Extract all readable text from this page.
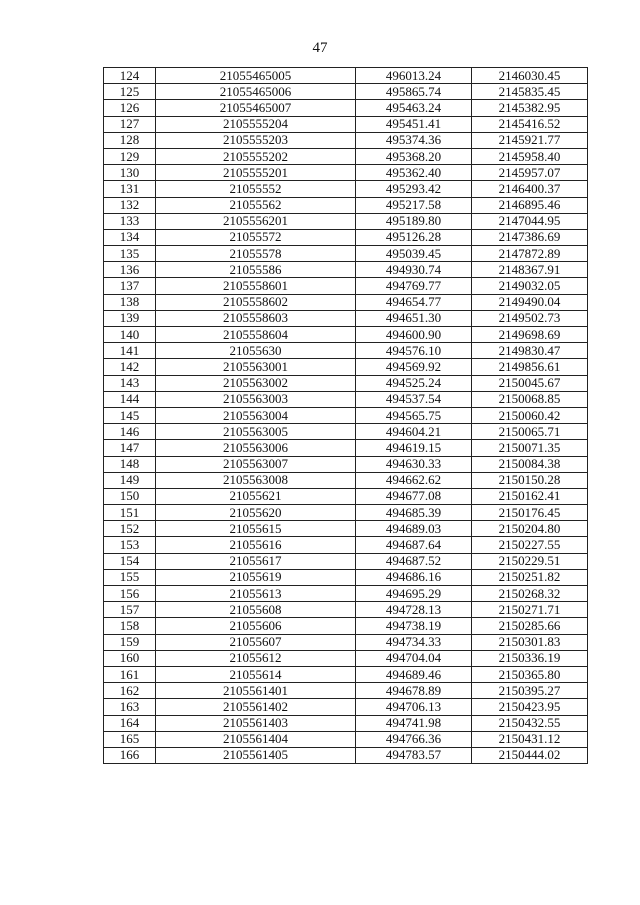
47
124	21055465005	496013.24	2146030.45
125	21055465006	495865.74	2145835.45
126	21055465007	495463.24	2145382.95
127	2105555204	495451.41	2145416.52
128	2105555203	495374.36	2145921.77
129	2105555202	495368.20	2145958.40
130	2105555201	495362.40	2145957.07
131	21055552	495293.42	2146400.37
132	21055562	495217.58	2146895.46
133	2105556201	495189.80	2147044.95
134	21055572	495126.28	2147386.69
135	21055578	495039.45	2147872.89
136	21055586	494930.74	2148367.91
137	2105558601	494769.77	2149032.05
138	2105558602	494654.77	2149490.04
139	2105558603	494651.30	2149502.73
140	2105558604	494600.90	2149698.69
141	21055630	494576.10	2149830.47
142	2105563001	494569.92	2149856.61
143	2105563002	494525.24	2150045.67
144	2105563003	494537.54	2150068.85
145	2105563004	494565.75	2150060.42
146	2105563005	494604.21	2150065.71
147	2105563006	494619.15	2150071.35
148	2105563007	494630.33	2150084.38
149	2105563008	494662.62	2150150.28
150	21055621	494677.08	2150162.41
151	21055620	494685.39	2150176.45
152	21055615	494689.03	2150204.80
153	21055616	494687.64	2150227.55
154	21055617	494687.52	2150229.51
155	21055619	494686.16	2150251.82
156	21055613	494695.29	2150268.32
157	21055608	494728.13	2150271.71
158	21055606	494738.19	2150285.66
159	21055607	494734.33	2150301.83
160	21055612	494704.04	2150336.19
161	21055614	494689.46	2150365.80
162	2105561401	494678.89	2150395.27
163	2105561402	494706.13	2150423.95
164	2105561403	494741.98	2150432.55
165	2105561404	494766.36	2150431.12
166	2105561405	494783.57	2150444.02
